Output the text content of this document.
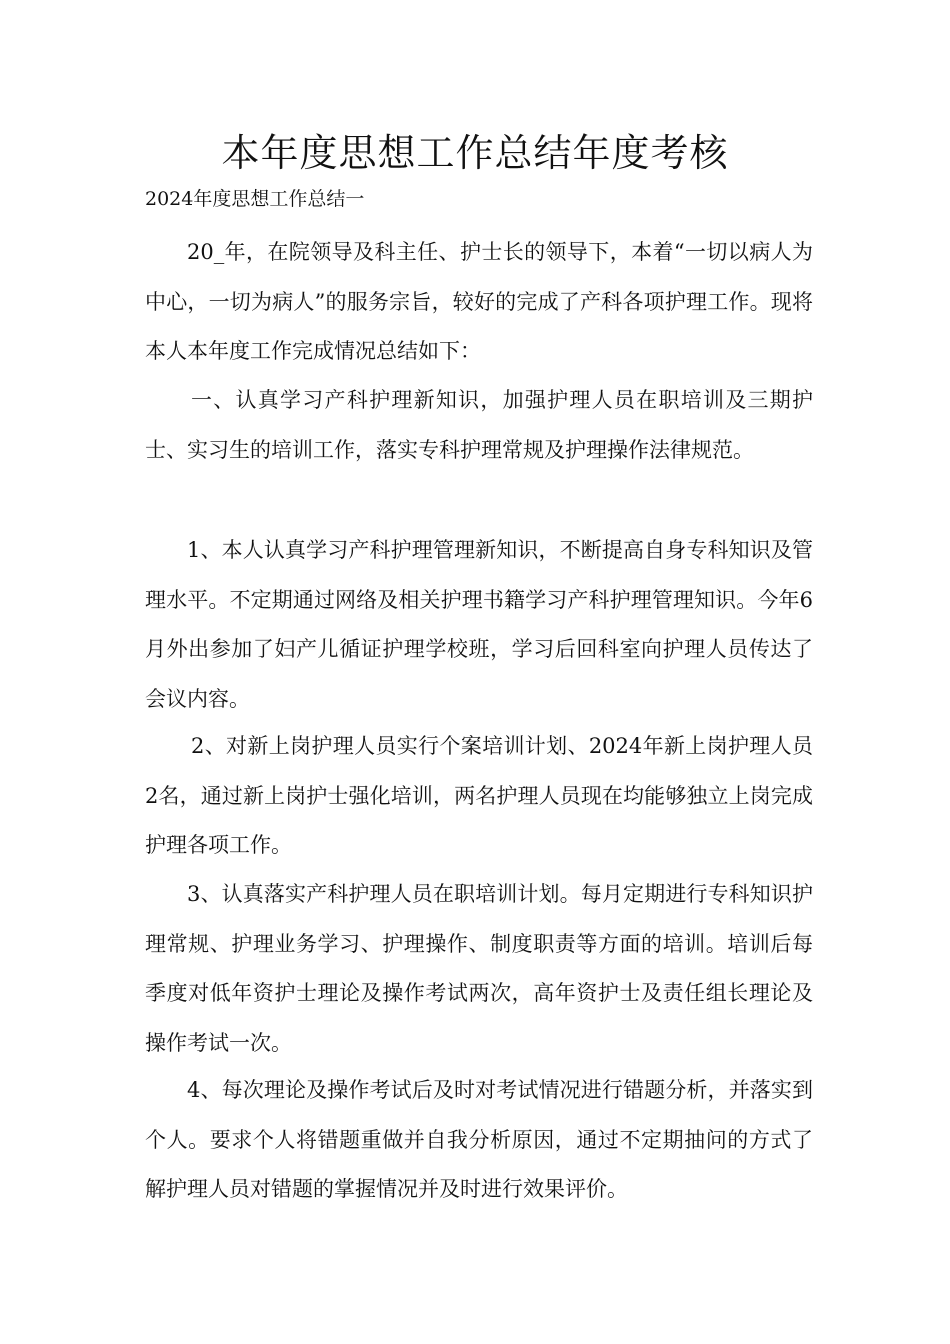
本年度思想工作总结年度考核

2024年度思想工作总结一

20_年，在院领导及科主任、护士长的领导下，本着“一切以病人为中心，一切为病人”的服务宗旨，较好的完成了产科各项护理工作。现将本人本年度工作完成情况总结如下：

一、认真学习产科护理新知识，加强护理人员在职培训及三期护士、实习生的培训工作，落实专科护理常规及护理操作法律规范。

1、本人认真学习产科护理管理新知识，不断提高自身专科知识及管理水平。不定期通过网络及相关护理书籍学习产科护理管理知识。今年6月外出参加了妇产儿循证护理学校班，学习后回科室向护理人员传达了会议内容。

2、对新上岗护理人员实行个案培训计划、2024年新上岗护理人员2名，通过新上岗护士强化培训，两名护理人员现在均能够独立上岗完成护理各项工作。

3、认真落实产科护理人员在职培训计划。每月定期进行专科知识护理常规、护理业务学习、护理操作、制度职责等方面的培训。培训后每季度对低年资护士理论及操作考试两次，高年资护士及责任组长理论及操作考试一次。

4、每次理论及操作考试后及时对考试情况进行错题分析，并落实到个人。要求个人将错题重做并自我分析原因，通过不定期抽问的方式了解护理人员对错题的掌握情况并及时进行效果评价。
